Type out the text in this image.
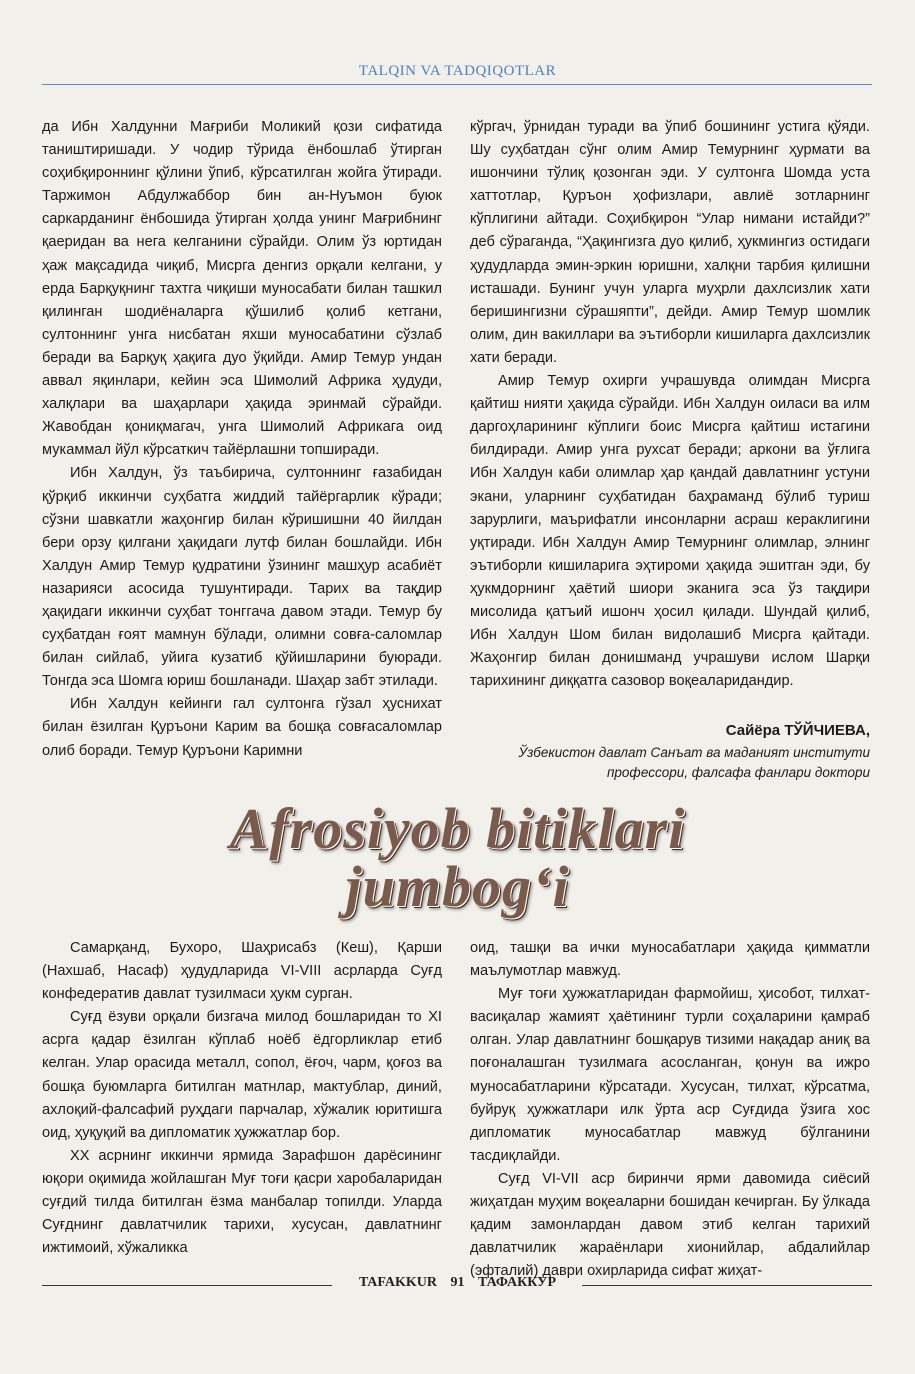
TALQIN VA TADQIQOTLAR

да Ибн Халдунни Мағриби Моликий қози сифатида таништиришади. У чодир тўрида ёнбошлаб ўтирган соҳибқироннинг қўлини ўпиб, кўрсатилган жойга ўтиради. Таржимон Абдулжаббор бин ан-Нуъмон буюк саркарданинг ёнбошида ўтирган ҳолда унинг Мағрибнинг қаеридан ва нега келганини сўрайди. Олим ўз юртидан ҳаж мақсадида чиқиб, Мисрга денгиз орқали келгани, у ерда Барқуқнинг тахтга чиқиши муносабати билан ташкил қилинган шодиёналарга қўшилиб қолиб кетгани, султоннинг унга нисбатан яхши муносабатини сўзлаб беради ва Барқуқ ҳақига дуо ўқийди. Амир Темур ундан аввал яқинлари, кейин эса Шимолий Африка ҳудуди, халқлари ва шаҳарлари ҳақида эринмай сўрайди. Жавобдан қониқмагач, унга Шимолий Африкага оид мукаммал йўл кўрсаткич тайёрлашни топширади.

Ибн Халдун, ўз таъбирича, султоннинг ғазабидан қўрқиб иккинчи суҳбатга жиддий тайёргарлик кўради; сўзни шавкатли жаҳонгир билан кўришишни 40 йилдан бери орзу қилгани ҳақидаги лутф билан бошлайди. Ибн Халдун Амир Темур қудратини ўзининг машҳур асабиёт назарияси асосида тушунтиради. Тарих ва тақдир ҳақидаги иккинчи суҳбат тонггача давом этади. Темур бу суҳбатдан ғоят мамнун бўлади, олимни совға-саломлар билан сийлаб, уйига кузатиб қўйишларини буюради. Тонгда эса Шомга юриш бошланади. Шаҳар забт этилади.

Ибн Халдун кейинги гал султонга гўзал ҳуснихат билан ёзилган Қуръони Карим ва бошқа совғасаломлар олиб боради. Темур Қуръони Каримни

кўргач, ўрнидан туради ва ўпиб бошининг устига қўяди. Шу суҳбатдан сўнг олим Амир Темурнинг ҳурмати ва ишончини тўлиқ қозонган эди. У султонга Шомда уста хаттотлар, Қуръон ҳофизлари, авлиё зотларнинг кўплигини айтади. Соҳибқирон “Улар нимани истайди?” деб сўраганда, “Ҳақингизга дуо қилиб, ҳукмингиз остидаги ҳудудларда эмин-эркин юришни, халқни тарбия қилишни исташади. Бунинг учун уларга муҳрли дахлсизлик хати беришингизни сўрашяпти”, дейди. Амир Темур шомлик олим, дин вакиллари ва эътиборли кишиларга дахлсизлик хати беради.

Амир Темур охирги учрашувда олимдан Мисрга қайтиш нияти ҳақида сўрайди. Ибн Халдун оиласи ва илм даргоҳларининг кўплиги боис Мисрга қайтиш истагини билдиради. Амир унга рухсат беради; аркони ва ўғлига Ибн Халдун каби олимлар ҳар қандай давлатнинг устуни экани, уларнинг суҳбатидан баҳраманд бўлиб туриш зарурлиги, маърифатли инсонларни асраш кераклигини уқтиради. Ибн Халдун Амир Темурнинг олимлар, элнинг эътиборли кишиларига эҳтироми ҳақида эшитган эди, бу ҳукмдорнинг ҳаётий шиори эканига эса ўз тақдири мисолида қатъий ишонч ҳосил қилади. Шундай қилиб, Ибн Халдун Шом билан видолашиб Мисрга қайтади. Жаҳонгир билан донишманд учрашуви ислом Шарқи тарихининг диққатга сазовор воқеаларидандир.

Сайёра ТЎЙЧИЕВА,
Ўзбекистон давлат Санъат ва маданият институти
профессори, фалсафа фанлари доктори
Afrosiyob bitiklari
jumbog‘i

Самарқанд, Бухоро, Шаҳрисабз (Кеш), Қарши (Нахшаб, Насаф) ҳудудларида VI-VIII асрларда Суғд конфедератив давлат тузилмаси ҳукм сурган.

Суғд ёзуви орқали бизгача милод бошларидан то XI асрга қадар ёзилган кўплаб ноёб ёдгорликлар етиб келган. Улар орасида металл, сопол, ёғоч, чарм, қоғоз ва бошқа буюмларга битилган матнлар, мактублар, диний, ахлоқий-фалсафий руҳдаги парчалар, хўжалик юритишга оид, ҳуқуқий ва дипломатик ҳужжатлар бор.

XX асрнинг иккинчи ярмида Зарафшон дарёсининг юқори оқимида жойлашган Муғ тоғи қасри харобаларидан суғдий тилда битилган ёзма манбалар топилди. Уларда Суғднинг давлатчилик тарихи, хусусан, давлатнинг ижтимоий, хўжаликка

оид, ташқи ва ички муносабатлари ҳақида қимматли маълумотлар мавжуд.

Муғ тоғи ҳужжатларидан фармойиш, ҳисобот, тилхат-васиқалар жамият ҳаётининг турли соҳаларини қамраб олган. Улар давлатнинг бошқарув тизими нақадар аниқ ва поғоналашган тузилмага асосланган, қонун ва ижро муносабатларини кўрсатади. Хусусан, тилхат, кўрсатма, буйруқ ҳужжатлари илк ўрта аср Суғдида ўзига хос дипломатик муносабатлар мавжуд бўлганини тасдиқлайди.

Суғд VI-VII аср биринчи ярми давомида сиёсий жиҳатдан муҳим воқеаларни бошидан кечирган. Бу ўлкада қадим замонлардан давом этиб келган тарихий давлатчилик жараёнлари хионийлар, абдалийлар (эфталий) даври охирларида сифат жиҳат-

TAFAKKUR 91 ТАФАККУР
